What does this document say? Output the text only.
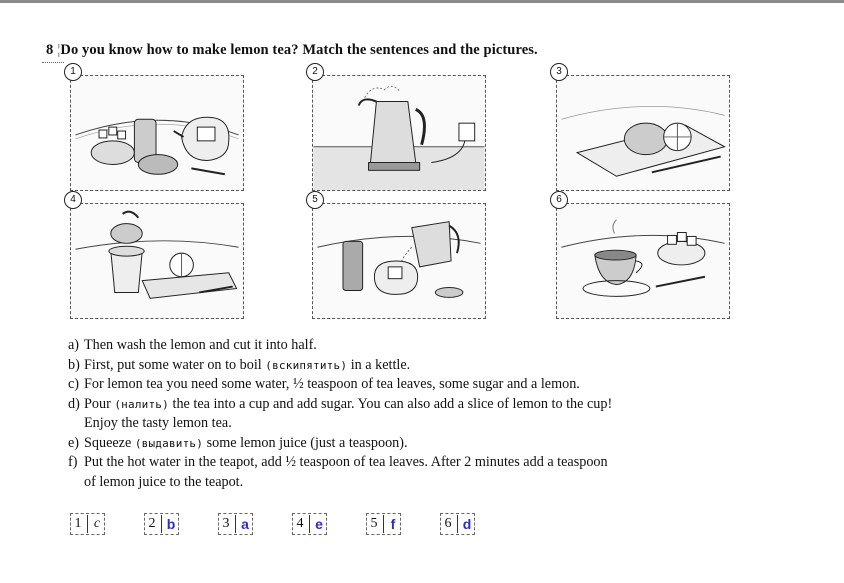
8 ¦Do you know how to make lemon tea? Match the sentences and the pictures.
1	2	3
4	5	6
a) Then wash the lemon and cut it into half.
b) First, put some water on to boil (вскипятить) in a kettle.
c) For lemon tea you need some water, ½ teaspoon of tea leaves, some sugar and a lemon.
d) Pour (налить) the tea into a cup and add sugar. You can also add a slice of lemon to the cup!
Enjoy the tasty lemon tea.
e) Squeeze (выдавить) some lemon juice (just a teaspoon).
f) Put the hot water in the teapot, add ½ teaspoon of tea leaves. After 2 minutes add a teaspoon
of lemon juice to the teapot.
1 c	2 b	3 a	4 e	5 f	6 d
